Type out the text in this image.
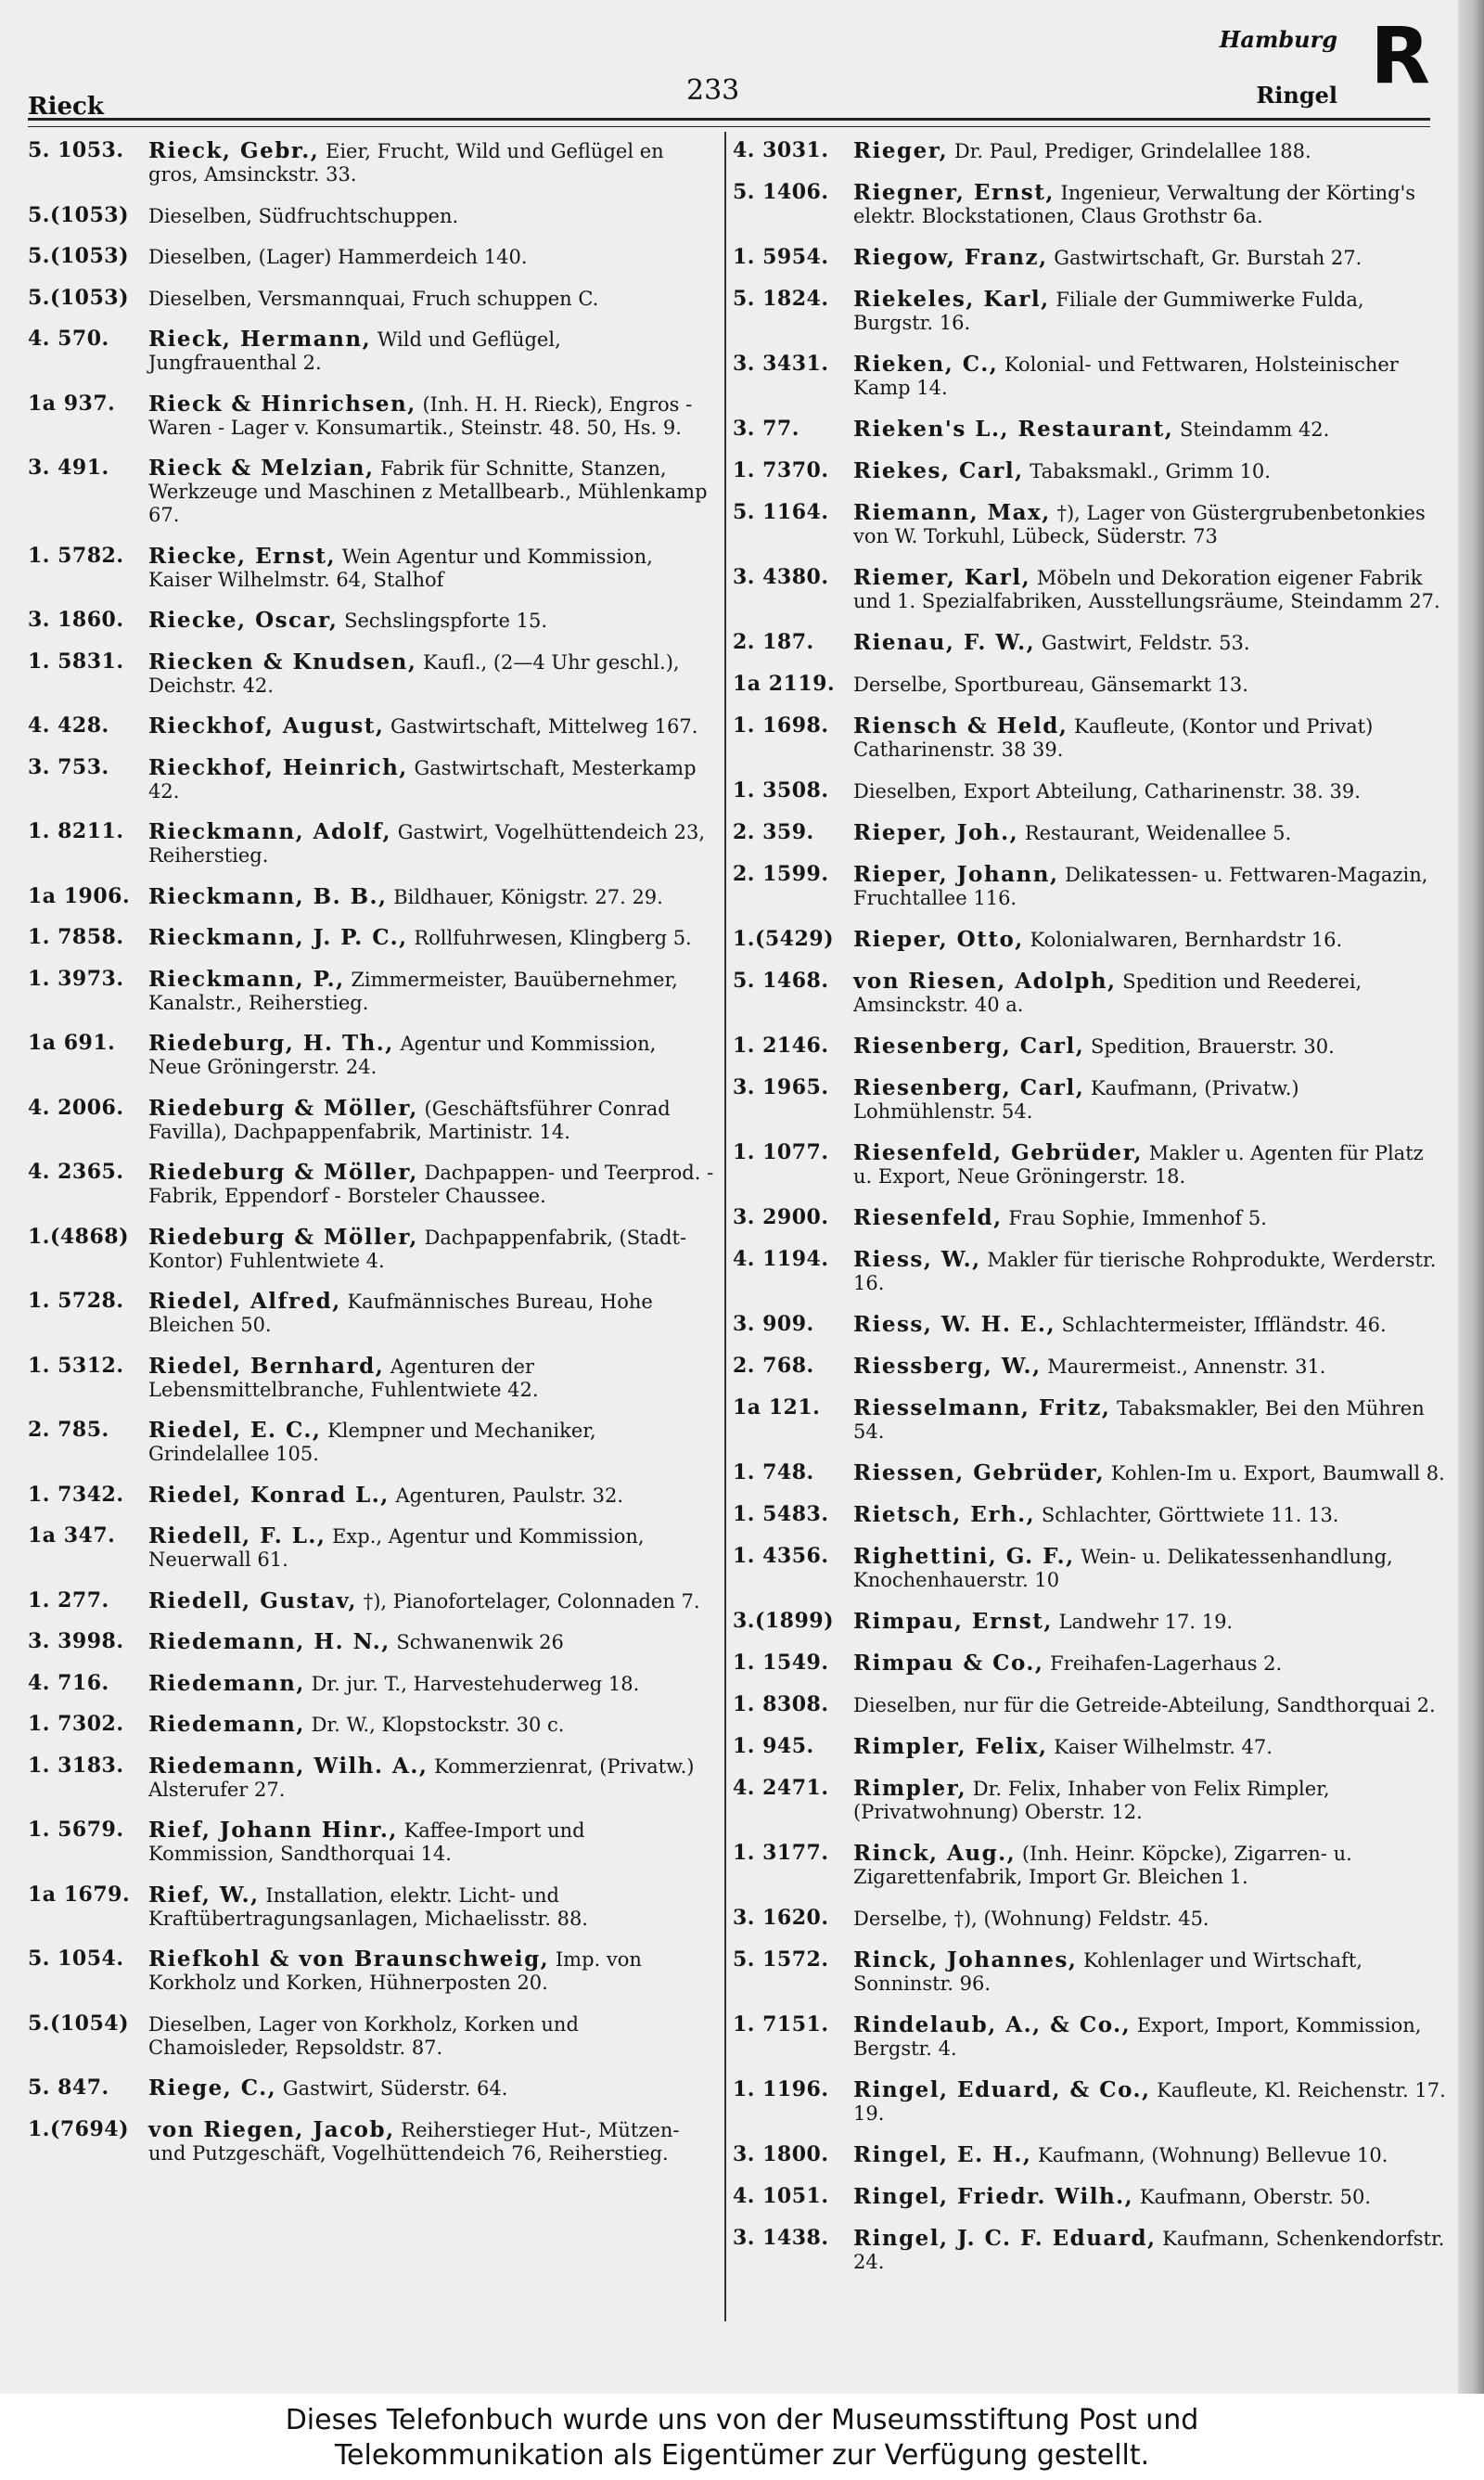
Rieck	233
Hamburg
Ringel R
5. 1053.	Rieck, Gebr., Eier, Frucht, Wild und Geflügel en gros, Amsinckstr. 33.
5.(1053) Dieselben, Südfruchtschuppen.
5.(1053) Dieselben, (Lager) Hammerdeich 140.
5.(1053) Dieselben, Versmannquai, Fruch schuppen C.
4. 570.	Rieck, Hermann, Wild und Geflügel, Jungfrauenthal 2.
1a 937.	Rieck & Hinrichsen, (Inh. H. H. Rieck), Engros - Waren - Lager v. Konsumartik., Steinstr. 48. 50, Hs. 9.
3. 491.	Rieck & Melzian, Fabrik für Schnitte, Stanzen, Werkzeuge und Maschinen z Metallbearb., Mühlenkamp 67.
1. 5782.	Riecke, Ernst, Wein Agentur und Kommission, Kaiser Wilhelmstr. 64, Stalhof
3. 1860.	Riecke, Oscar, Sechslingspforte 15.
1. 5831.	Riecken & Knudsen, Kaufl., (2—4 Uhr geschl.), Deichstr. 42.
4. 428.	Rieckhof, August, Gastwirtschaft, Mittelweg 167.
3. 753.	Rieckhof, Heinrich, Gastwirtschaft, Mesterkamp 42.
1. 8211.	Rieckmann, Adolf, Gastwirt, Vogelhüttendeich 23, Reiherstieg.
1a 1906. Rieckmann, B. B., Bildhauer, Königstr. 27. 29.
1. 7858.	Rieckmann, J. P. C., Rollfuhrwesen, Klingberg 5.
1. 3973.	Rieckmann, P., Zimmermeister, Bauübernehmer, Kanalstr., Reiherstieg.
1a 691.	Riedeburg, H. Th., Agentur und Kommission, Neue Gröningerstr. 24.
4. 2006.	Riedeburg & Möller, (Geschäftsführer Conrad Favilla), Dachpappenfabrik, Martinistr. 14.
4. 2365.	Riedeburg & Möller, Dachpappen- und Teerprod. - Fabrik, Eppendorf - Borsteler Chaussee.
1.(4868) Riedeburg & Möller, Dachpappenfabrik, (Stadt-Kontor) Fuhlentwiete 4.
1. 5728.	Riedel, Alfred, Kaufmännisches Bureau, Hohe Bleichen 50.
1. 5312.	Riedel, Bernhard, Agenturen der Lebensmittelbranche, Fuhlentwiete 42.
2. 785.	Riedel, E. C., Klempner und Mechaniker, Grindelallee 105.
1. 7342.	Riedel, Konrad L., Agenturen, Paulstr. 32.
1a 347.	Riedell, F. L., Exp., Agentur und Kommission, Neuerwall 61.
1. 277.	Riedell, Gustav, †), Pianofortelager, Colonnaden 7.
3. 3998.	Riedemann, H. N., Schwanenwik 26
4. 716.	Riedemann, Dr. jur. T., Harvestehuderweg 18.
1. 7302.	Riedemann, Dr. W., Klopstockstr. 30 c.
1. 3183.	Riedemann, Wilh. A., Kommerzienrat, (Privatw.) Alsterufer 27.
1. 5679.	Rief, Johann Hinr., Kaffee-Import und Kommission, Sandthorquai 14.
1a 1679. Rief, W., Installation, elektr. Licht- und Kraftübertragungsanlagen, Michaelisstr. 88.
5. 1054.	Riefkohl & von Braunschweig, Imp. von Korkholz und Korken, Hühnerposten 20.
5.(1054) Dieselben, Lager von Korkholz, Korken und Chamoisleder, Repsoldstr. 87.
5. 847.	Riege, C., Gastwirt, Süderstr. 64.
1.(7694) von Riegen, Jacob, Reiherstieger Hut-, Mützen- und Putzgeschäft, Vogelhüttendeich 76, Reiherstieg.
4. 3031.	Rieger, Dr. Paul, Prediger, Grindelallee 188.
5. 1406.	Riegner, Ernst, Ingenieur, Verwaltung der Körting's elektr. Blockstationen, Claus Grothstr 6a.
1. 5954.	Riegow, Franz, Gastwirtschaft, Gr. Burstah 27.
5. 1824.	Riekeles, Karl, Filiale der Gummiwerke Fulda, Burgstr. 16.
3. 3431.	Rieken, C., Kolonial- und Fettwaren, Holsteinischer Kamp 14.
3. 77.	Rieken's L., Restaurant, Steindamm 42.
1. 7370.	Riekes, Carl, Tabaksmakl., Grimm 10.
5. 1164.	Riemann, Max, †), Lager von Güstergrubenbetonkies von W. Torkuhl, Lübeck, Süderstr. 73
3. 4380.	Riemer, Karl, Möbeln und Dekoration eigener Fabrik und 1. Spezialfabriken, Ausstellungsräume, Steindamm 27.
2. 187.	Rienau, F. W., Gastwirt, Feldstr. 53.
1a 2119. Derselbe, Sportbureau, Gänsemarkt 13.
1. 1698.	Riensch & Held, Kaufleute, (Kontor und Privat) Catharinenstr. 38 39.
1. 3508.	Dieselben, Export Abteilung, Catharinenstr. 38. 39.
2. 359.	Rieper, Joh., Restaurant, Weidenallee 5.
2. 1599.	Rieper, Johann, Delikatessen- u. Fettwaren-Magazin, Fruchtallee 116.
1.(5429) Rieper, Otto, Kolonialwaren, Bernhardstr 16.
5. 1468.	von Riesen, Adolph, Spedition und Reederei, Amsinckstr. 40 a.
1. 2146.	Riesenberg, Carl, Spedition, Brauerstr. 30.
3. 1965.	Riesenberg, Carl, Kaufmann, (Privatw.) Lohmühlenstr. 54.
1. 1077.	Riesenfeld, Gebrüder, Makler u. Agenten für Platz u. Export, Neue Gröningerstr. 18.
3. 2900.	Riesenfeld, Frau Sophie, Immenhof 5.
4. 1194.	Riess, W., Makler für tierische Rohprodukte, Werderstr. 16.
3. 909.	Riess, W. H. E., Schlachtermeister, Iffländstr. 46.
2. 768.	Riessberg, W., Maurermeist., Annenstr. 31.
1a 121.	Riesselmann, Fritz, Tabaksmakler, Bei den Mühren 54.
1. 748.	Riessen, Gebrüder, Kohlen-Im u. Export, Baumwall 8.
1. 5483.	Rietsch, Erh., Schlachter, Görttwiete 11. 13.
1. 4356.	Righettini, G. F., Wein- u. Delikatessenhandlung, Knochenhauerstr. 10
3.(1899) Rimpau, Ernst, Landwehr 17. 19.
1. 1549.	Rimpau & Co., Freihafen-Lagerhaus 2.
1. 8308.	Dieselben, nur für die Getreide-Abteilung, Sandthorquai 2.
1. 945.	Rimpler, Felix, Kaiser Wilhelmstr. 47.
4. 2471.	Rimpler, Dr. Felix, Inhaber von Felix Rimpler, (Privatwohnung) Oberstr. 12.
1. 3177.	Rinck, Aug., (Inh. Heinr. Köpcke), Zigarren- u. Zigarettenfabrik, Import Gr. Bleichen 1.
3. 1620.	Derselbe, †), (Wohnung) Feldstr. 45.
5. 1572.	Rinck, Johannes, Kohlenlager und Wirtschaft, Sonninstr. 96.
1. 7151.	Rindelaub, A., & Co., Export, Import, Kommission, Bergstr. 4.
1. 1196.	Ringel, Eduard, & Co., Kaufleute, Kl. Reichenstr. 17. 19.
3. 1800.	Ringel, E. H., Kaufmann, (Wohnung) Bellevue 10.
4. 1051.	Ringel, Friedr. Wilh., Kaufmann, Oberstr. 50.
3. 1438.	Ringel, J. C. F. Eduard, Kaufmann, Schenkendorfstr. 24.
Dieses Telefonbuch wurde uns von der Museumsstiftung Post und
Telekommunikation als Eigentümer zur Verfügung gestellt.
